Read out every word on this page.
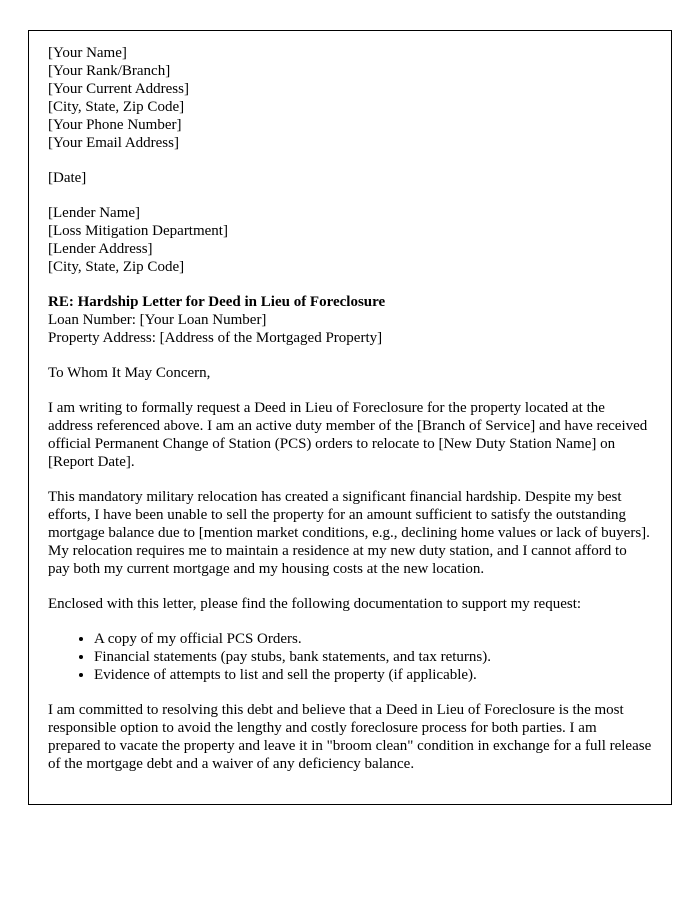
[Your Name]
[Your Rank/Branch]
[Your Current Address]
[City, State, Zip Code]
[Your Phone Number]
[Your Email Address]
[Date]
[Lender Name]
[Loss Mitigation Department]
[Lender Address]
[City, State, Zip Code]
RE: Hardship Letter for Deed in Lieu of Foreclosure
Loan Number: [Your Loan Number]
Property Address: [Address of the Mortgaged Property]
To Whom It May Concern,

I am writing to formally request a Deed in Lieu of Foreclosure for the property located at the address referenced above. I am an active duty member of the [Branch of Service] and have received official Permanent Change of Station (PCS) orders to relocate to [New Duty Station Name] on [Report Date].

This mandatory military relocation has created a significant financial hardship. Despite my best efforts, I have been unable to sell the property for an amount sufficient to satisfy the outstanding mortgage balance due to [mention market conditions, e.g., declining home values or lack of buyers]. My relocation requires me to maintain a residence at my new duty station, and I cannot afford to pay both my current mortgage and my housing costs at the new location.

Enclosed with this letter, please find the following documentation to support my request:

• A copy of my official PCS Orders.
• Financial statements (pay stubs, bank statements, and tax returns).
• Evidence of attempts to list and sell the property (if applicable).

I am committed to resolving this debt and believe that a Deed in Lieu of Foreclosure is the most responsible option to avoid the lengthy and costly foreclosure process for both parties. I am prepared to vacate the property and leave it in "broom clean" condition in exchange for a full release of the mortgage debt and a waiver of any deficiency balance.
